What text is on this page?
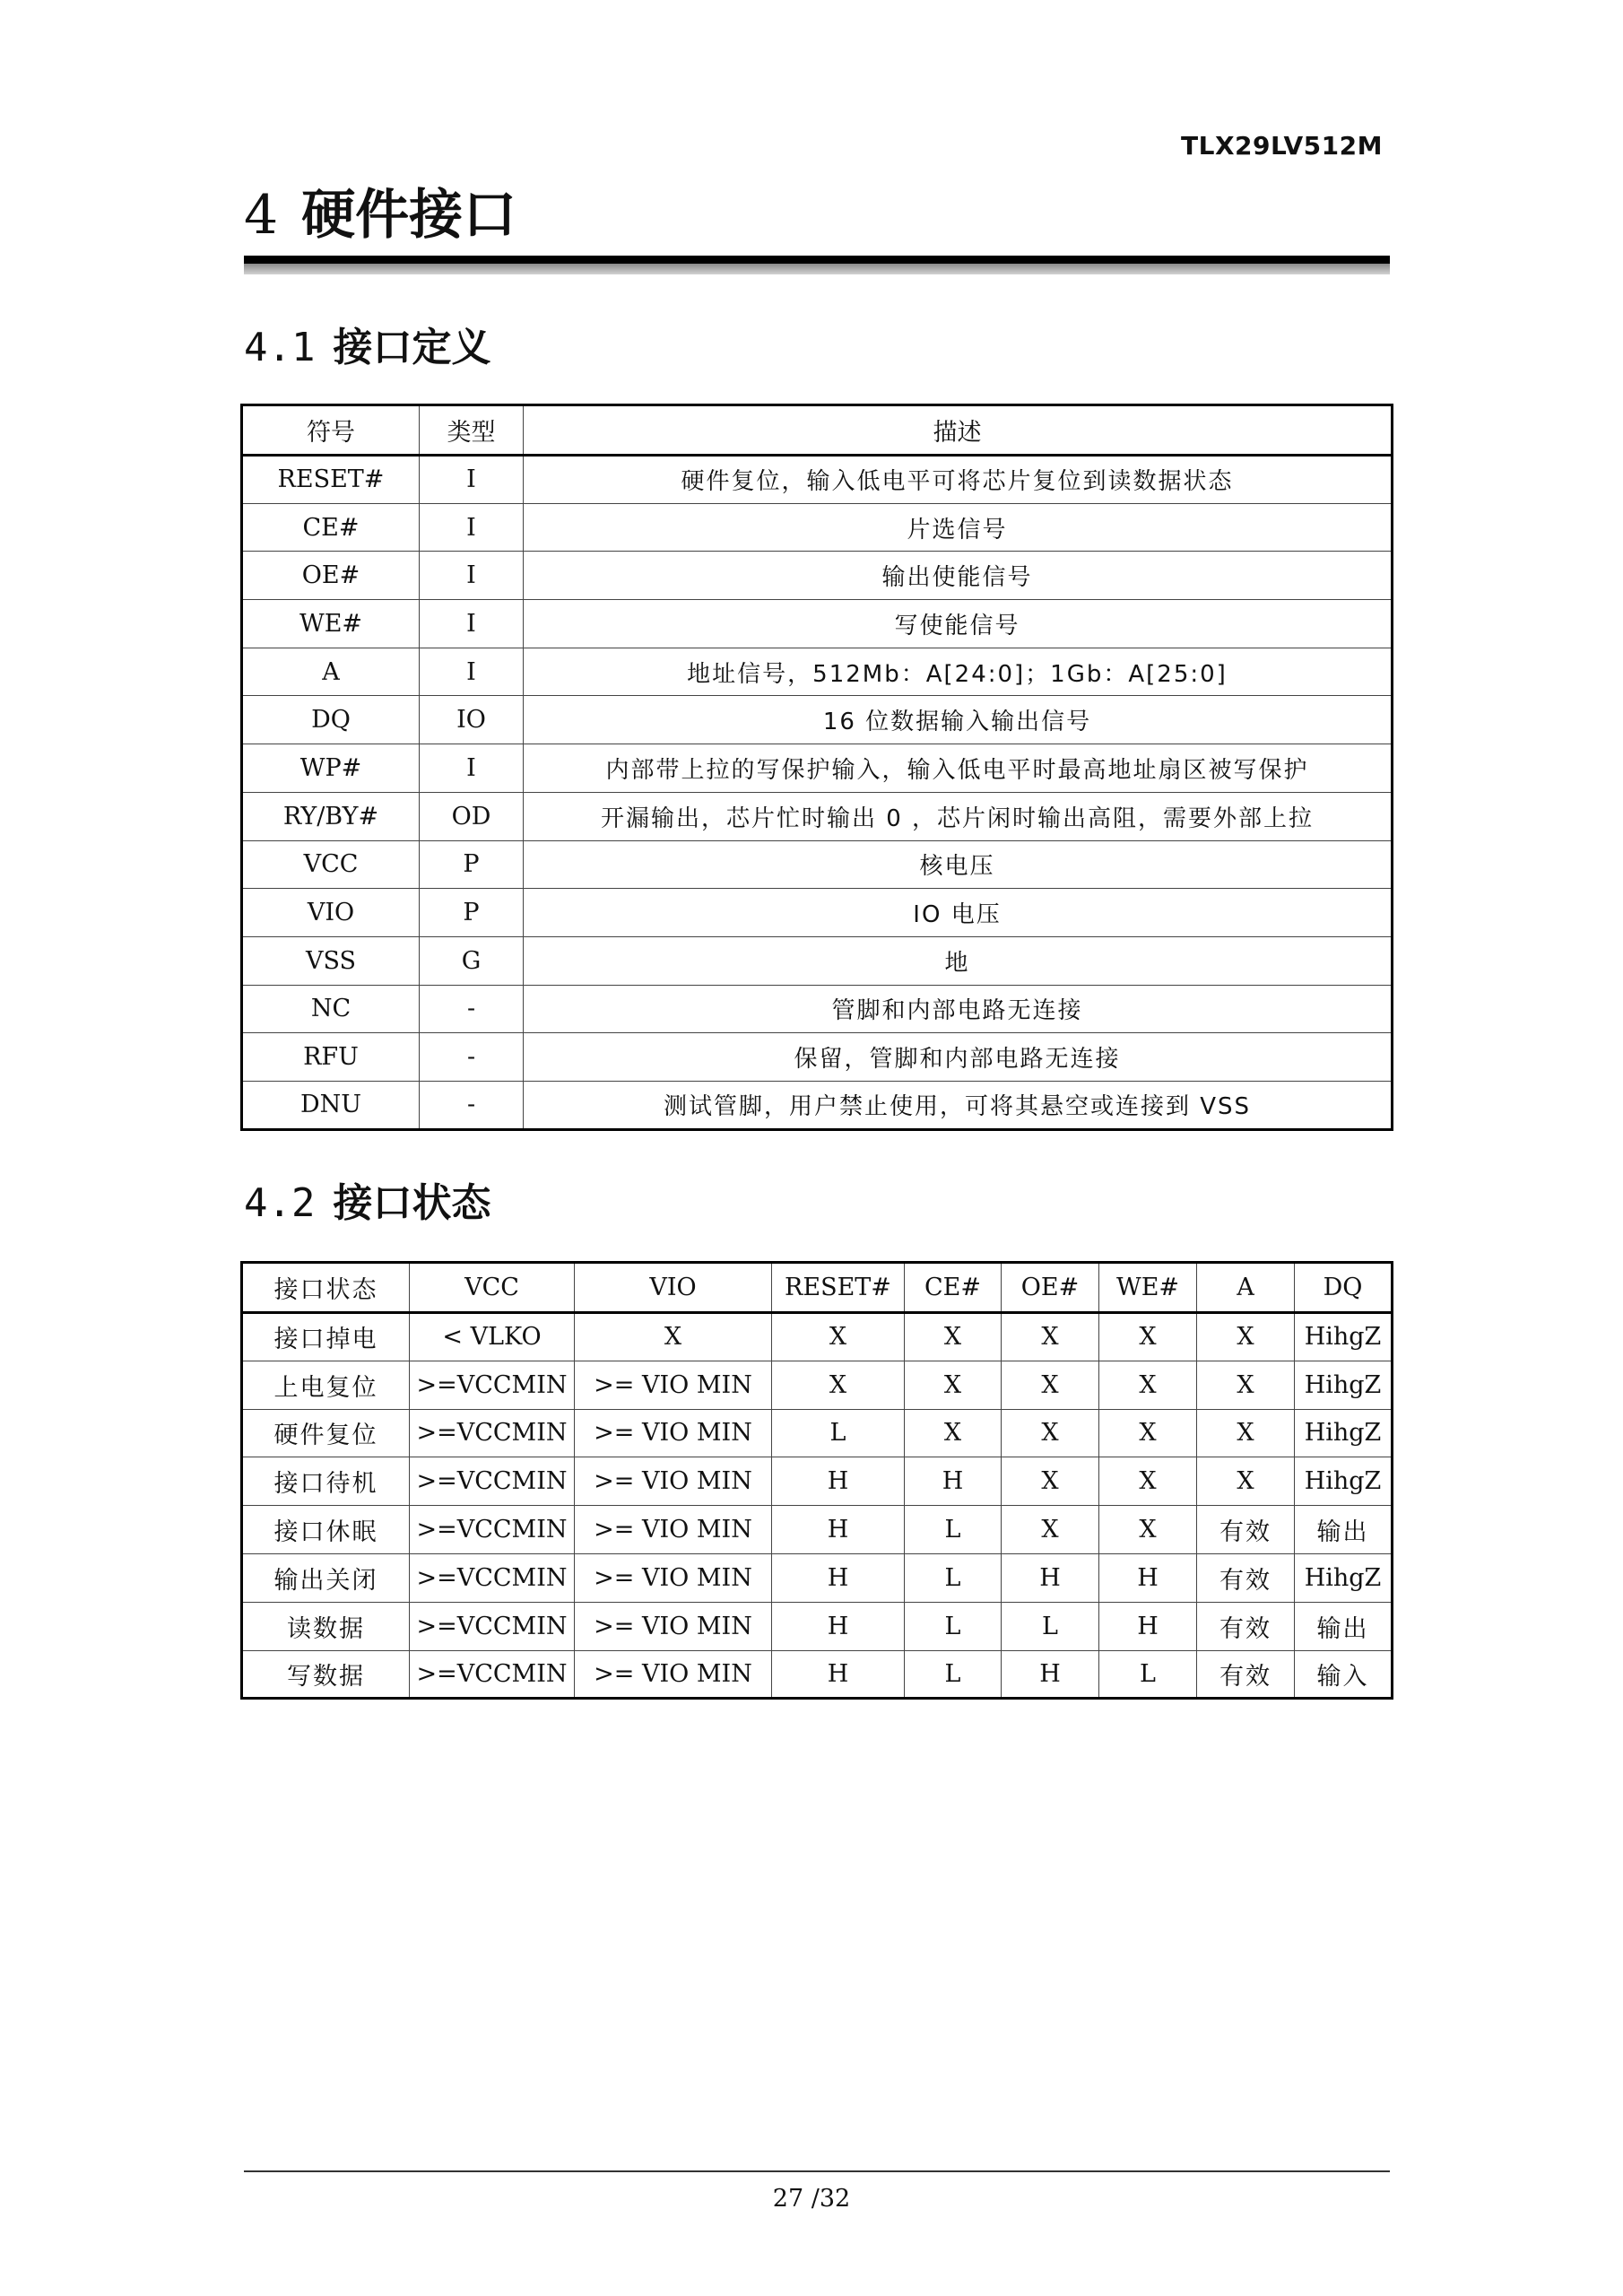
TLX29LV512M
4 硬件接口
4.1 接口定义
符号	类型	描述
RESET#	I	硬件复位，输入低电平可将芯片复位到读数据状态
CE#	I	片选信号
OE#	I	输出使能信号
WE#	I	写使能信号
A	I	地址信号，512Mb：A[24:0]；1Gb：A[25:0]
DQ	IO	16 位数据输入输出信号
WP#	I	内部带上拉的写保护输入，输入低电平时最高地址扇区被写保护
RY/BY#	OD	开漏输出，芯片忙时输出 0 ，芯片闲时输出高阻，需要外部上拉
VCC	P	核电压
VIO	P	IO 电压
VSS	G	地
NC	-	管脚和内部电路无连接
RFU	-	保留，管脚和内部电路无连接
DNU	-	测试管脚，用户禁止使用，可将其悬空或连接到 VSS
4.2 接口状态
接口状态	VCC	VIO	RESET#	CE#	OE#	WE#	A	DQ
接口掉电	< VLKO	X	X	X	X	X	X	HihgZ
上电复位	>=VCCMIN	>= VIO MIN	X	X	X	X	X	HihgZ
硬件复位	>=VCCMIN	>= VIO MIN	L	X	X	X	X	HihgZ
接口待机	>=VCCMIN	>= VIO MIN	H	H	X	X	X	HihgZ
接口休眠	>=VCCMIN	>= VIO MIN	H	L	X	X	有效	输出
输出关闭	>=VCCMIN	>= VIO MIN	H	L	H	H	有效	HihgZ
读数据	>=VCCMIN	>= VIO MIN	H	L	L	H	有效	输出
写数据	>=VCCMIN	>= VIO MIN	H	L	H	L	有效	输入
27 /32
